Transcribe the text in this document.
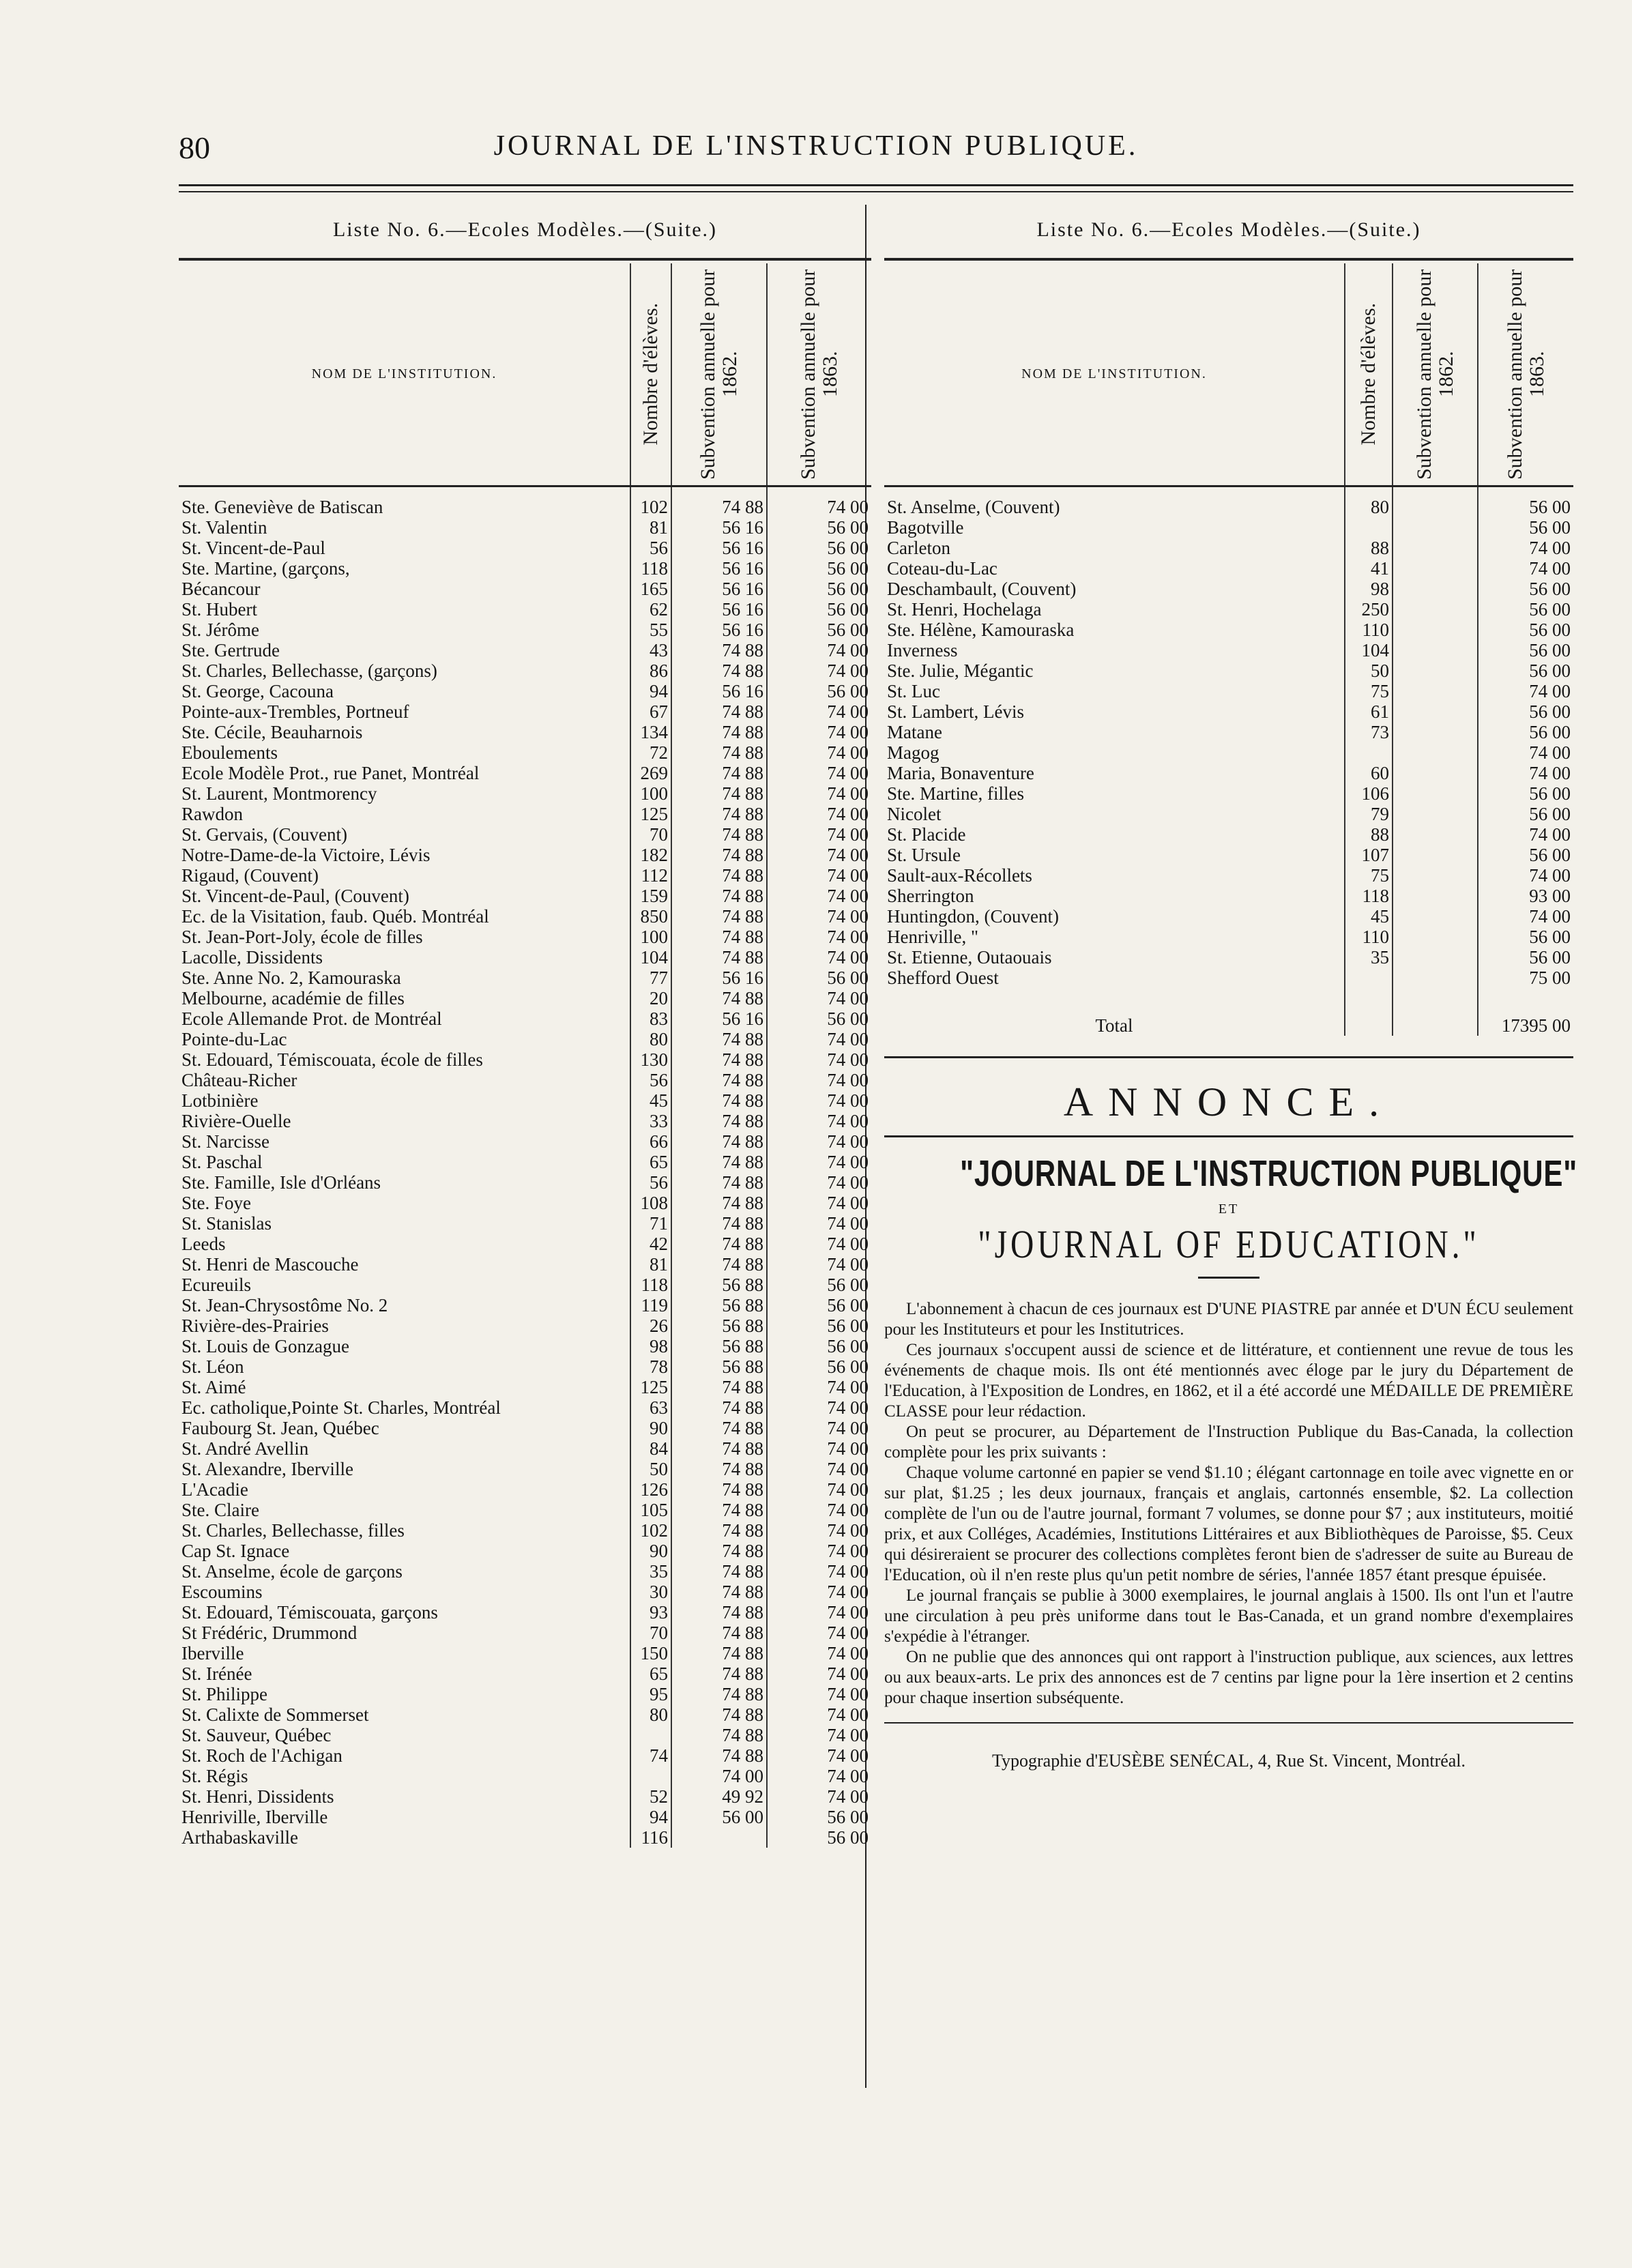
80	JOURNAL DE L'INSTRUCTION PUBLIQUE.
Liste No. 6.—Ecoles Modèles.—(Suite.)
NOM DE L'INSTITUTION.	Nombre d'élèves.	Subvention annuelle pour 1862.	Subvention annuelle pour 1863.

Ste. Geneviève de Batiscan	102	74 88	74 00
St. Valentin	81	56 16	56 00
St. Vincent-de-Paul	56	56 16	56 00
Ste. Martine, (garçons,	118	56 16	56 00
Bécancour	165	56 16	56 00
St. Hubert	62	56 16	56 00
St. Jérôme	55	56 16	56 00
Ste. Gertrude	43	74 88	74 00
St. Charles, Bellechasse, (garçons)	86	74 88	74 00
St. George, Cacouna	94	56 16	56 00
Pointe-aux-Trembles, Portneuf	67	74 88	74 00
Ste. Cécile, Beauharnois	134	74 88	74 00
Eboulements	72	74 88	74 00
Ecole Modèle Prot., rue Panet, Montréal	269	74 88	74 00
St. Laurent, Montmorency	100	74 88	74 00
Rawdon	125	74 88	74 00
St. Gervais, (Couvent)	70	74 88	74 00
Notre-Dame-de-la Victoire, Lévis	182	74 88	74 00
Rigaud, (Couvent)	112	74 88	74 00
St. Vincent-de-Paul, (Couvent)	159	74 88	74 00
Ec. de la Visitation, faub. Québ. Montréal	850	74 88	74 00
St. Jean-Port-Joly, école de filles	100	74 88	74 00
Lacolle, Dissidents	104	74 88	74 00
Ste. Anne No. 2, Kamouraska	77	56 16	56 00
Melbourne, académie de filles	20	74 88	74 00
Ecole Allemande Prot. de Montréal	83	56 16	56 00
Pointe-du-Lac	80	74 88	74 00
St. Edouard, Témiscouata, école de filles	130	74 88	74 00
Château-Richer	56	74 88	74 00
Lotbinière	45	74 88	74 00
Rivière-Ouelle	33	74 88	74 00
St. Narcisse	66	74 88	74 00
St. Paschal	65	74 88	74 00
Ste. Famille, Isle d'Orléans	56	74 88	74 00
Ste. Foye	108	74 88	74 00
St. Stanislas	71	74 88	74 00
Leeds	42	74 88	74 00
St. Henri de Mascouche	81	74 88	74 00
Ecureuils	118	56 88	56 00
St. Jean-Chrysostôme No. 2	119	56 88	56 00
Rivière-des-Prairies	26	56 88	56 00
St. Louis de Gonzague	98	56 88	56 00
St. Léon	78	56 88	56 00
St. Aimé	125	74 88	74 00
Ec. catholique,Pointe St. Charles, Montréal	63	74 88	74 00
Faubourg St. Jean, Québec	90	74 88	74 00
St. André Avellin	84	74 88	74 00
St. Alexandre, Iberville	50	74 88	74 00
L'Acadie	126	74 88	74 00
Ste. Claire	105	74 88	74 00
St. Charles, Bellechasse, filles	102	74 88	74 00
Cap St. Ignace	90	74 88	74 00
St. Anselme, école de garçons	35	74 88	74 00
Escoumins	30	74 88	74 00
St. Edouard, Témiscouata, garçons	93	74 88	74 00
St Frédéric, Drummond	70	74 88	74 00
Iberville	150	74 88	74 00
St. Irénée	65	74 88	74 00
St. Philippe	95	74 88	74 00
St. Calixte de Sommerset	80	74 88	74 00
St. Sauveur, Québec		74 88	74 00
St. Roch de l'Achigan	74	74 88	74 00
St. Régis		74 00	74 00
St. Henri, Dissidents	52	49 92	74 00
Henriville, Iberville	94	56 00	56 00
Arthabaskaville	116		56 00
Liste No. 6.—Ecoles Modèles.—(Suite.)
NOM DE L'INSTITUTION.	Nombre d'élèves.	Subvention annuelle pour 1862.	Subvention annuelle pour 1863.

St. Anselme, (Couvent)	80		56 00
Bagotville			56 00
Carleton	88		74 00
Coteau-du-Lac	41		74 00
Deschambault, (Couvent)	98		56 00
St. Henri, Hochelaga	250		56 00
Ste. Hélène, Kamouraska	110		56 00
Inverness	104		56 00
Ste. Julie, Mégantic	50		56 00
St. Luc	75		74 00
St. Lambert, Lévis	61		56 00
Matane	73		56 00
Magog			74 00
Maria, Bonaventure	60		74 00
Ste. Martine, filles	106		56 00
Nicolet	79		56 00
St. Placide	88		74 00
St. Ursule	107		56 00
Sault-aux-Récollets	75		74 00
Sherrington	118		93 00
Huntingdon, (Couvent)	45		74 00
Henriville, "	110		56 00
St. Etienne, Outaouais	35		56 00
Shefford Ouest			75 00
Total			17395 00
ANNONCE.
"JOURNAL DE L'INSTRUCTION PUBLIQUE"
ET
"JOURNAL OF EDUCATION."

L'abonnement à chacun de ces journaux est D'UNE PIASTRE par année et D'UN ÉCU seulement pour les Instituteurs et pour les Institutrices.

Ces journaux s'occupent aussi de science et de littérature, et contiennent une revue de tous les événements de chaque mois. Ils ont été mentionnés avec éloge par le jury du Département de l'Education, à l'Exposition de Londres, en 1862, et il a été accordé une MÉDAILLE DE PREMIÈRE CLASSE pour leur rédaction.

On peut se procurer, au Département de l'Instruction Publique du Bas-Canada, la collection complète pour les prix suivants :

Chaque volume cartonné en papier se vend $1.10 ; élégant cartonnage en toile avec vignette en or sur plat, $1.25 ; les deux journaux, français et anglais, cartonnés ensemble, $2. La collection complète de l'un ou de l'autre journal, formant 7 volumes, se donne pour $7 ; aux instituteurs, moitié prix, et aux Colléges, Académies, Institutions Littéraires et aux Bibliothèques de Paroisse, $5. Ceux qui désireraient se procurer des collections complètes feront bien de s'adresser de suite au Bureau de l'Education, où il n'en reste plus qu'un petit nombre de séries, l'année 1857 étant presque épuisée.

Le journal français se publie à 3000 exemplaires, le journal anglais à 1500. Ils ont l'un et l'autre une circulation à peu près uniforme dans tout le Bas-Canada, et un grand nombre d'exemplaires s'expédie à l'étranger.

On ne publie que des annonces qui ont rapport à l'instruction publique, aux sciences, aux lettres ou aux beaux-arts. Le prix des annonces est de 7 centins par ligne pour la 1ère insertion et 2 centins pour chaque insertion subséquente.

Typographie d'EUSÈBE SENÉCAL, 4, Rue St. Vincent, Montréal.
